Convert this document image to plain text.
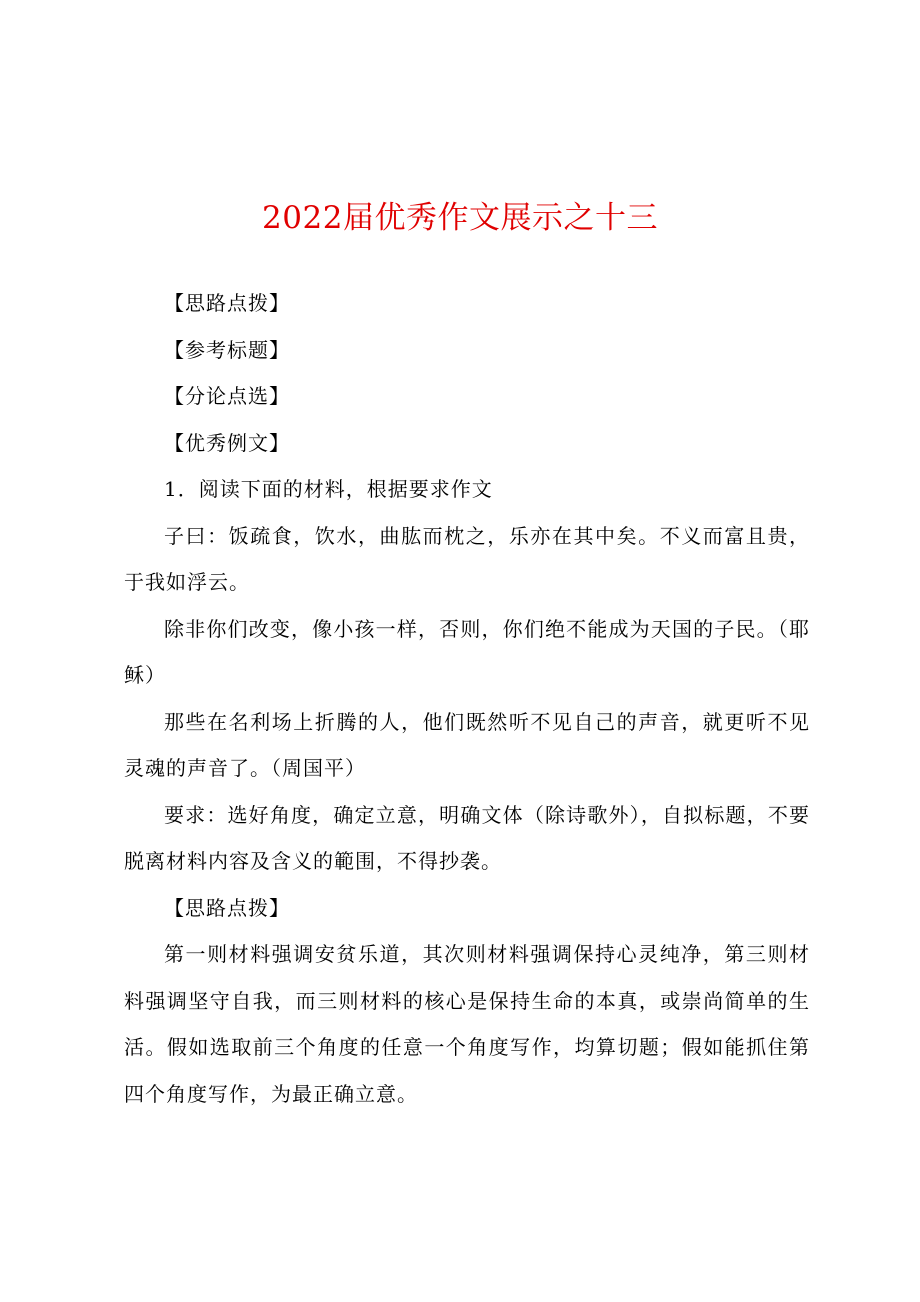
2022届优秀作文展示之十三

【思路点拨】

【参考标题】

【分论点选】

【优秀例文】

1．阅读下面的材料，根据要求作文

子曰：饭疏食，饮水，曲肱而枕之，乐亦在其中矣。不义而富且贵，于我如浮云。

除非你们改变，像小孩一样，否则，你们绝不能成为天国的子民。（耶稣）

那些在名利场上折腾的人，他们既然听不见自己的声音，就更听不见灵魂的声音了。（周国平）

要求：选好角度，确定立意，明确文体（除诗歌外），自拟标题，不要脱离材料内容及含义的範围，不得抄袭。

【思路点拨】

第一则材料强调安贫乐道，其次则材料强调保持心灵纯净，第三则材料强调坚守自我，而三则材料的核心是保持生命的本真，或崇尚简单的生活。假如选取前三个角度的任意一个角度写作，均算切题；假如能抓住第四个角度写作，为最正确立意。
